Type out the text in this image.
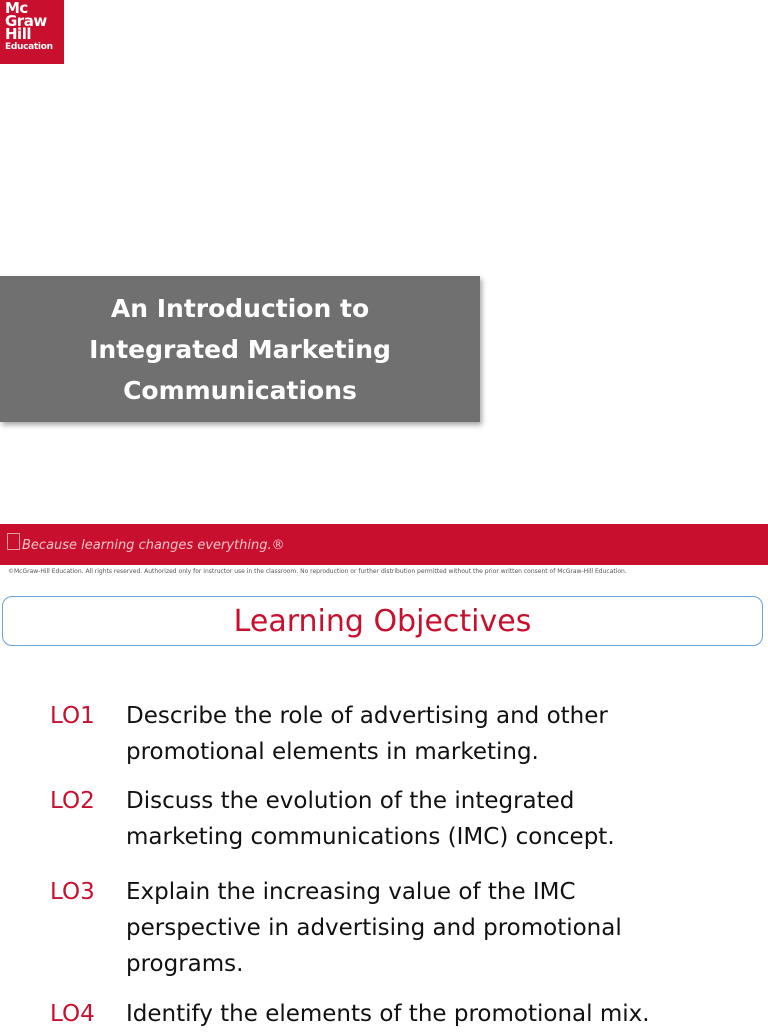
Mc
Graw
Hill
Education
An Introduction to
Integrated Marketing
Communications
Because learning changes everything.®
©McGraw-Hill Education. All rights reserved. Authorized only for instructor use in the classroom. No reproduction or further distribution permitted without the prior written consent of McGraw-Hill Education.
Learning Objectives
LO1 Describe the role of advertising and other promotional elements in marketing.
LO2 Discuss the evolution of the integrated marketing communications (IMC) concept.
LO3 Explain the increasing value of the IMC perspective in advertising and promotional programs.
LO4 Identify the elements of the promotional mix.
